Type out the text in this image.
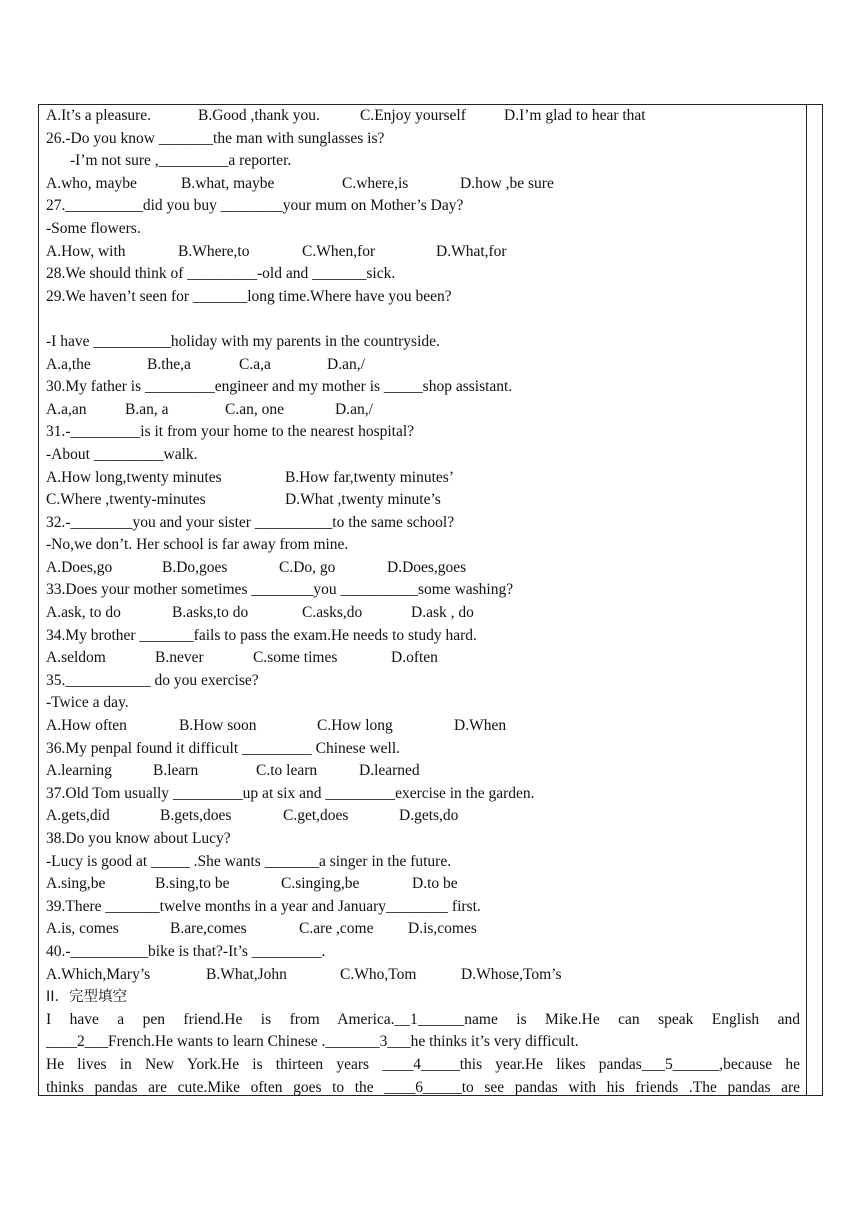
A.It’s a pleasure.	B.Good ,thank you.	C.Enjoy yourself D.I’m glad to hear that
26.-Do you know _______the man with sunglasses is?
-I’m not sure ,_________a reporter.
A.who, maybe	B.what, maybe	C.where,is	D.how ,be sure
27.__________did you buy ________your mum on Mother’s Day?
-Some flowers.
A.How, with	B.Where,to	C.When,for	D.What,for
28.We should think of _________-old and _______sick.
29.We haven’t seen for _______long time.Where have you been?
-I have __________holiday with my parents in the countryside.
A.a,the	B.the,a	C.a,a	D.an,/
30.My father is _________engineer and my mother is _____shop assistant.
A.a,an B.an, a	C.an, one	D.an,/
31.-_________is it from your home to the nearest hospital?
-About _________walk.
A.How long,twenty minutes	B.How far,twenty minutes’
C.Where ,twenty-minutes	D.What ,twenty minute’s
32.-________you and your sister __________to the same school?
-No,we don’t. Her school is far away from mine.
A.Does,go	B.Do,goes	C.Do, go	D.Does,goes
33.Does your mother sometimes ________you __________some washing?
A.ask, to do	B.asks,to do	C.asks,do	D.ask , do
34.My brother _______fails to pass the exam.He needs to study hard.
A.seldom	B.never	C.some times	D.often
35.___________ do you exercise?
-Twice a day.
A.How often	B.How soon	C.How long	D.When
36.My penpal found it difficult _________ Chinese well.
A.learning	B.learn	C.to learn	D.learned
37.Old Tom usually _________up at six and _________exercise in the garden.
A.gets,did	B.gets,does	C.get,does	D.gets,do
38.Do you know about Lucy?
-Lucy is good at _____ .She wants _______a singer in the future.
A.sing,be	B.sing,to be	C.singing,be	D.to be
39.There _______twelve months in a year and January________ first.
A.is, comes	B.are,comes	C.are ,come D.is,comes
40.-__________bike is that?-It’s _________.
A.Which,Mary’s	B.What,John	C.Who,Tom	D.Whose,Tom’s
II．完型填空
I have a pen friend.He is from America.__1______name is Mike.He can speak English and
____2___French.He wants to learn Chinese ._______3___he thinks it’s very difficult.
He lives in New York.He is thirteen years ____4_____this year.He likes pandas___5______,because he
thinks pandas are cute.Mike often goes to the ____6_____to see pandas with his friends .The pandas are
